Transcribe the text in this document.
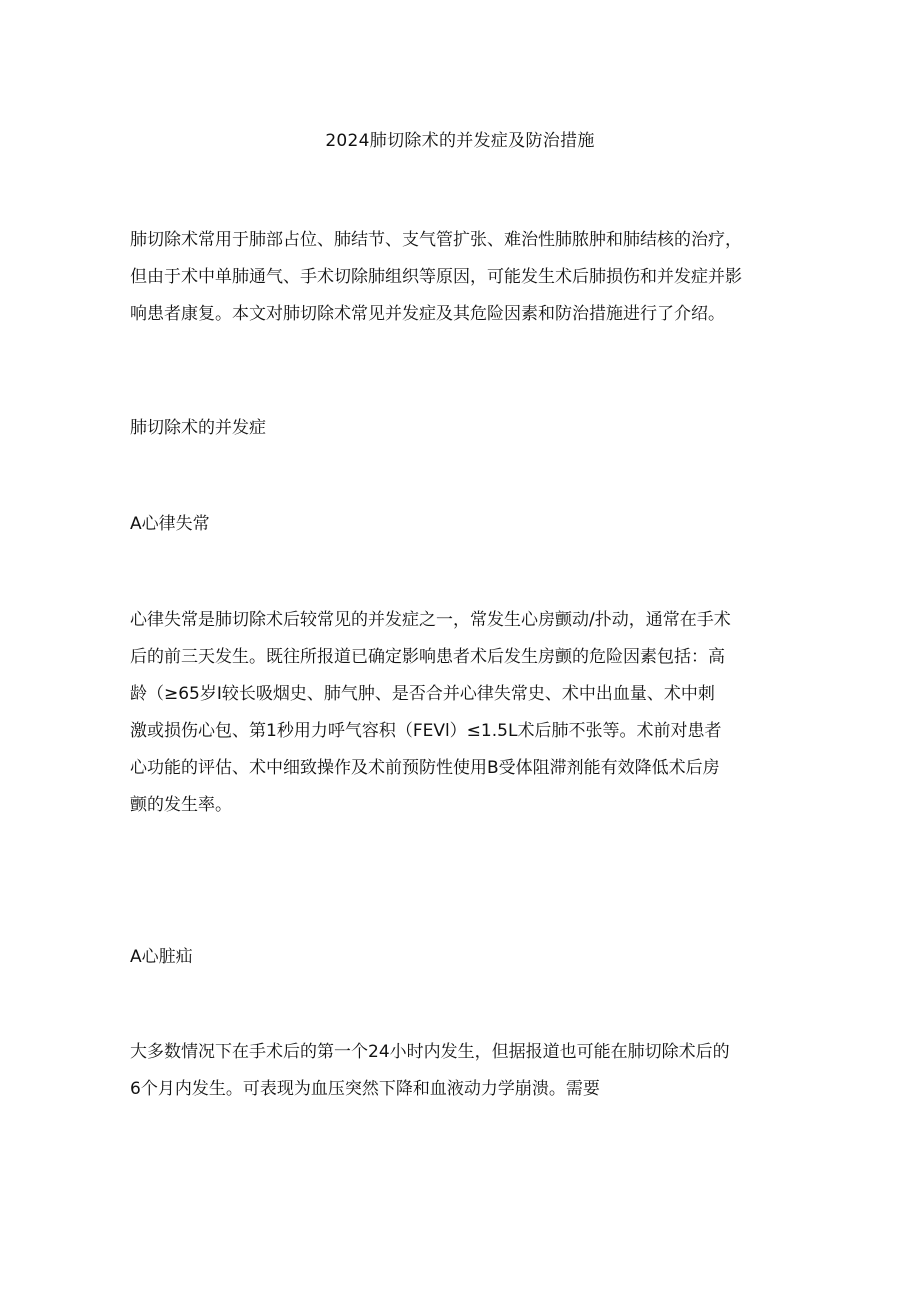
2024肺切除术的并发症及防治措施

肺切除术常用于肺部占位、肺结节、支气管扩张、难治性肺脓肿和肺结核的治疗，
但由于术中单肺通气、手术切除肺组织等原因，可能发生术后肺损伤和并发症并影
响患者康复。本文对肺切除术常见并发症及其危险因素和防治措施进行了介绍。

肺切除术的并发症

A心律失常

心律失常是肺切除术后较常见的并发症之一，常发生心房颤动/扑动，通常在手术
后的前三天发生。既往所报道已确定影响患者术后发生房颤的危险因素包括：高
龄（≥65岁I较长吸烟史、肺气肿、是否合并心律失常史、术中出血量、术中刺
激或损伤心包、第1秒用力呼气容积（FEVl）≤1.5L术后肺不张等。术前对患者
心功能的评估、术中细致操作及术前预防性使用B受体阻滞剂能有效降低术后房
颤的发生率。

A心脏疝

大多数情况下在手术后的第一个24小时内发生，但据报道也可能在肺切除术后的
6个月内发生。可表现为血压突然下降和血液动力学崩溃。需要
